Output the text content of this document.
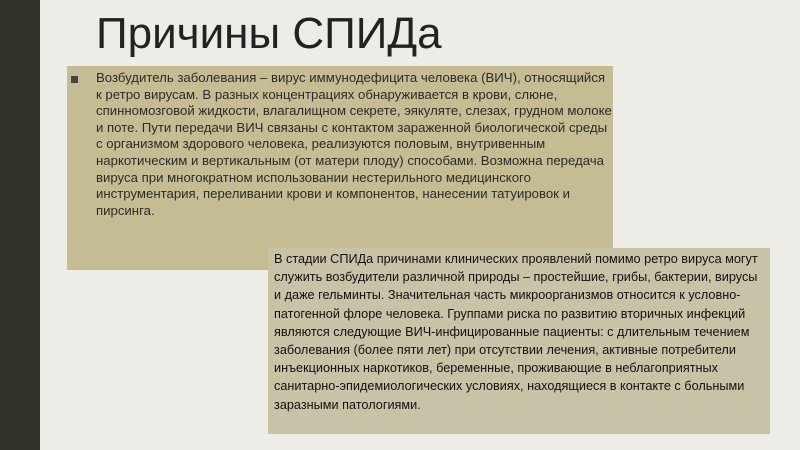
Причины СПИДа

Возбудитель заболевания – вирус иммунодефицита человека (ВИЧ), относящийся к ретро вирусам. В разных концентрациях обнаруживается в крови, слюне, спинномозговой жидкости, влагалищном секрете, эякуляте, слезах, грудном молоке и поте. Пути передачи ВИЧ связаны с контактом зараженной биологической среды с организмом здорового человека, реализуются половым, внутривенным наркотическим и вертикальным (от матери плоду) способами. Возможна передача вируса при многократном использовании нестерильного медицинского инструментария, переливании крови и компонентов, нанесении татуировок и пирсинга.

В стадии СПИДа причинами клинических проявлений помимо ретро вируса могут служить возбудители различной природы – простейшие, грибы, бактерии, вирусы и даже гельминты. Значительная часть микроорганизмов относится к условно-патогенной флоре человека. Группами риска по развитию вторичных инфекций являются следующие ВИЧ-инфицированные пациенты: с длительным течением заболевания (более пяти лет) при отсутствии лечения, активные потребители инъекционных наркотиков, беременные, проживающие в неблагоприятных санитарно-эпидемиологических условиях, находящиеся в контакте с больными заразными патологиями.
